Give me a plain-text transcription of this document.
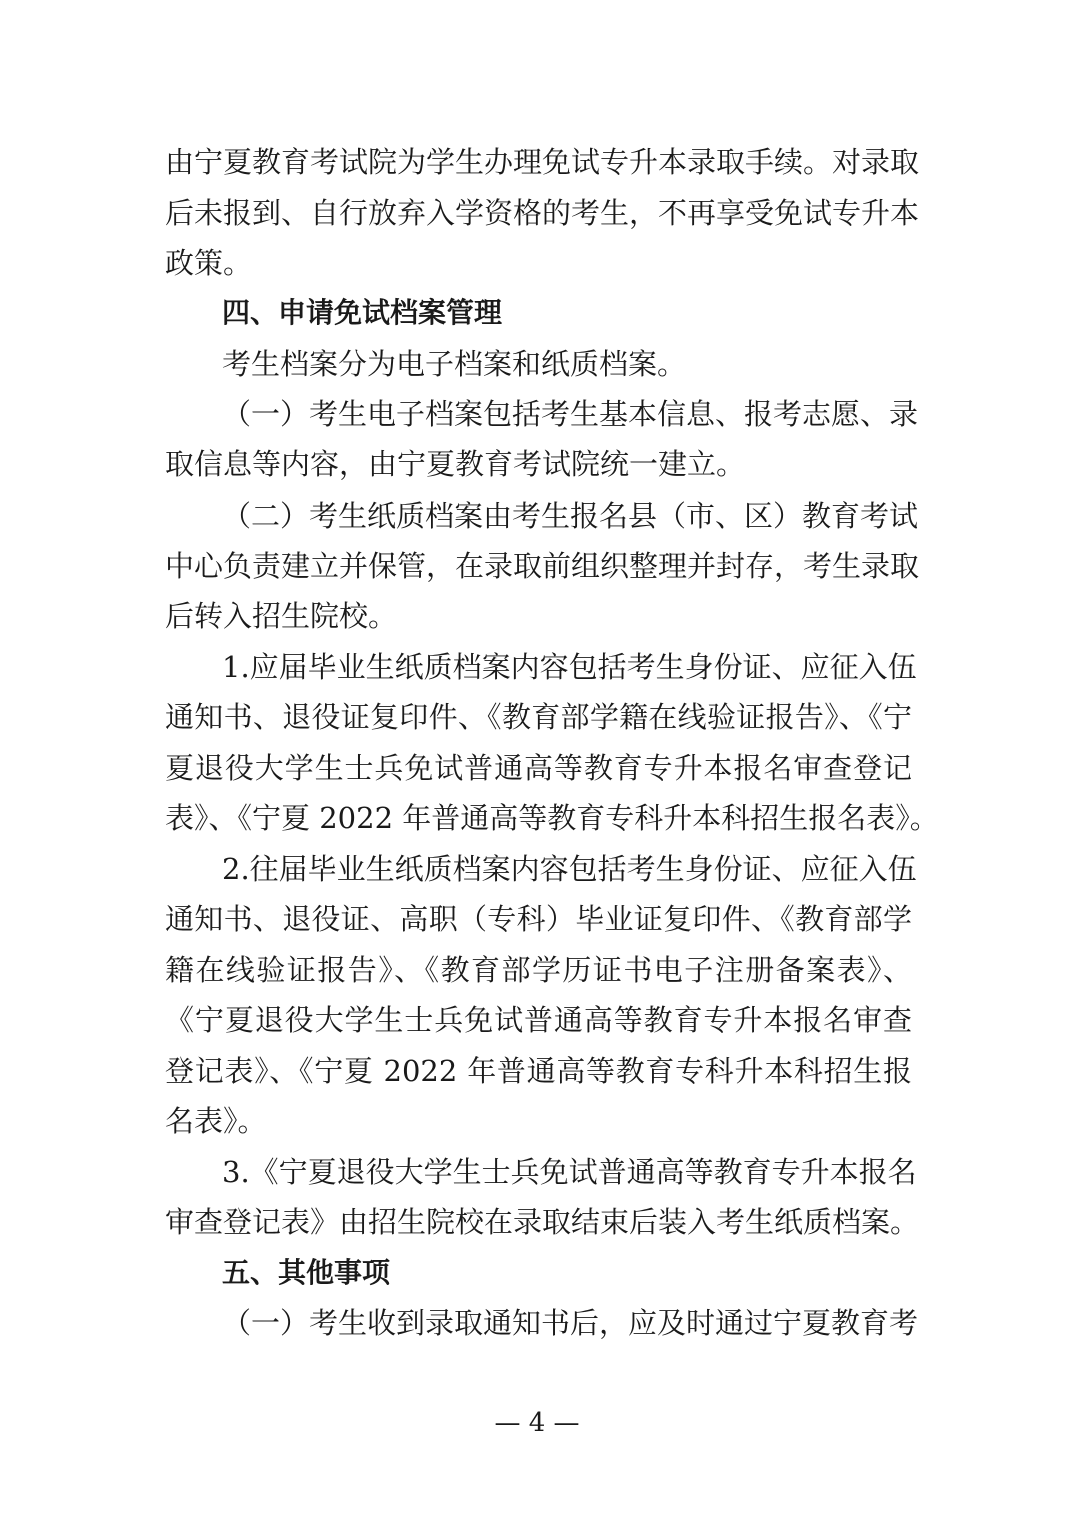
由宁夏教育考试院为学生办理免试专升本录取手续。对录取
后未报到、自行放弃入学资格的考生，不再享受免试专升本
政策。
四、申请免试档案管理
考生档案分为电子档案和纸质档案。
（一）考生电子档案包括考生基本信息、报考志愿、录
取信息等内容，由宁夏教育考试院统一建立。
（二）考生纸质档案由考生报名县（市、区）教育考试
中心负责建立并保管，在录取前组织整理并封存，考生录取
后转入招生院校。
1.应届毕业生纸质档案内容包括考生身份证、应征入伍
通知书、退役证复印件、《教育部学籍在线验证报告》、《宁
夏退役大学生士兵免试普通高等教育专升本报名审查登记
表》、《宁夏 2022 年普通高等教育专科升本科招生报名表》。
2.往届毕业生纸质档案内容包括考生身份证、应征入伍
通知书、退役证、高职（专科）毕业证复印件、《教育部学
籍在线验证报告》、《教育部学历证书电子注册备案表》、
《宁夏退役大学生士兵免试普通高等教育专升本报名审查
登记表》、《宁夏 2022 年普通高等教育专科升本科招生报
名表》。
3.《宁夏退役大学生士兵免试普通高等教育专升本报名
审查登记表》由招生院校在录取结束后装入考生纸质档案。
五、其他事项
（一）考生收到录取通知书后，应及时通过宁夏教育考
— 4 —
